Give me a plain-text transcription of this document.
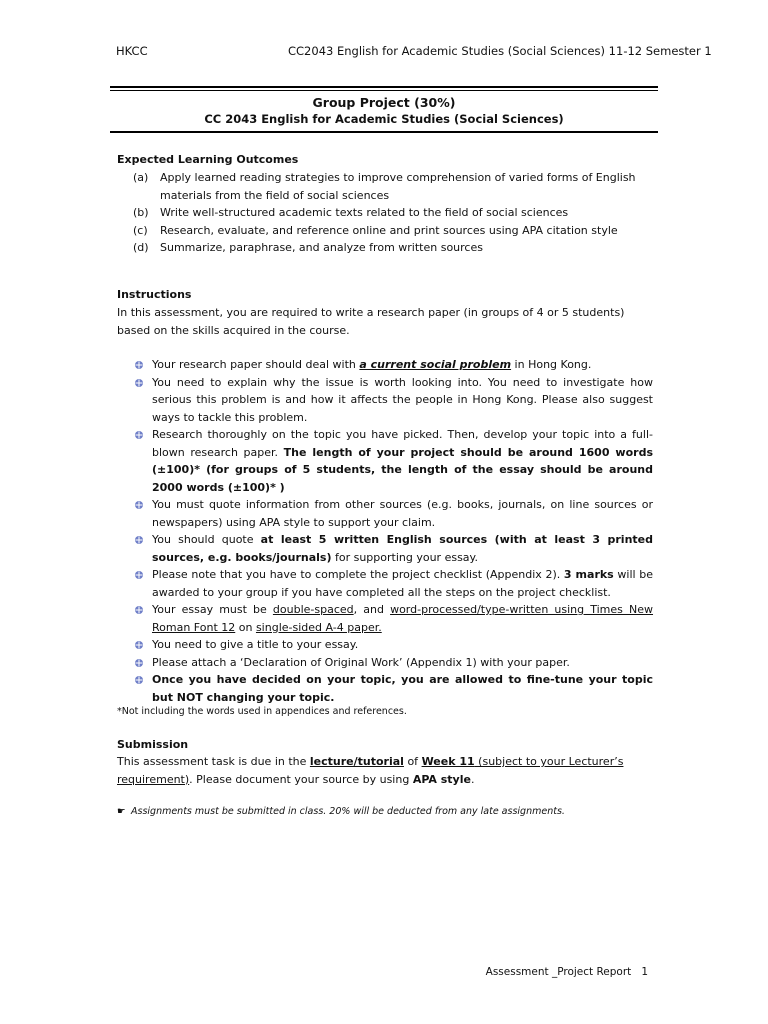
HKCC	CC2043 English for Academic Studies (Social Sciences) 11-12 Semester 1
Group Project (30%)
CC 2043 English for Academic Studies (Social Sciences)
Expected Learning Outcomes
(a) Apply learned reading strategies to improve comprehension of varied forms of English materials from the field of social sciences
(b) Write well-structured academic texts related to the field of social sciences
(c) Research, evaluate, and reference online and print sources using APA citation style
(d) Summarize, paraphrase, and analyze from written sources
Instructions
In this assessment, you are required to write a research paper (in groups of 4 or 5 students) based on the skills acquired in the course.
Your research paper should deal with a current social problem in Hong Kong.
You need to explain why the issue is worth looking into. You need to investigate how serious this problem is and how it affects the people in Hong Kong. Please also suggest ways to tackle this problem.
Research thoroughly on the topic you have picked. Then, develop your topic into a full-blown research paper. The length of your project should be around 1600 words (±100)* (for groups of 5 students, the length of the essay should be around 2000 words (±100)* )
You must quote information from other sources (e.g. books, journals, on line sources or newspapers) using APA style to support your claim.
You should quote at least 5 written English sources (with at least 3 printed sources, e.g. books/journals) for supporting your essay.
Please note that you have to complete the project checklist (Appendix 2). 3 marks will be awarded to your group if you have completed all the steps on the project checklist.
Your essay must be double-spaced, and word-processed/type-written using Times New Roman Font 12 on single-sided A-4 paper.
You need to give a title to your essay.
Please attach a ‘Declaration of Original Work’ (Appendix 1) with your paper.
Once you have decided on your topic, you are allowed to fine-tune your topic but NOT changing your topic.
*Not including the words used in appendices and references.
Submission
This assessment task is due in the lecture/tutorial of Week 11 (subject to your Lecturer’s requirement). Please document your source by using APA style.
☛ Assignments must be submitted in class. 20% will be deducted from any late assignments.
Assessment _Project Report 1
